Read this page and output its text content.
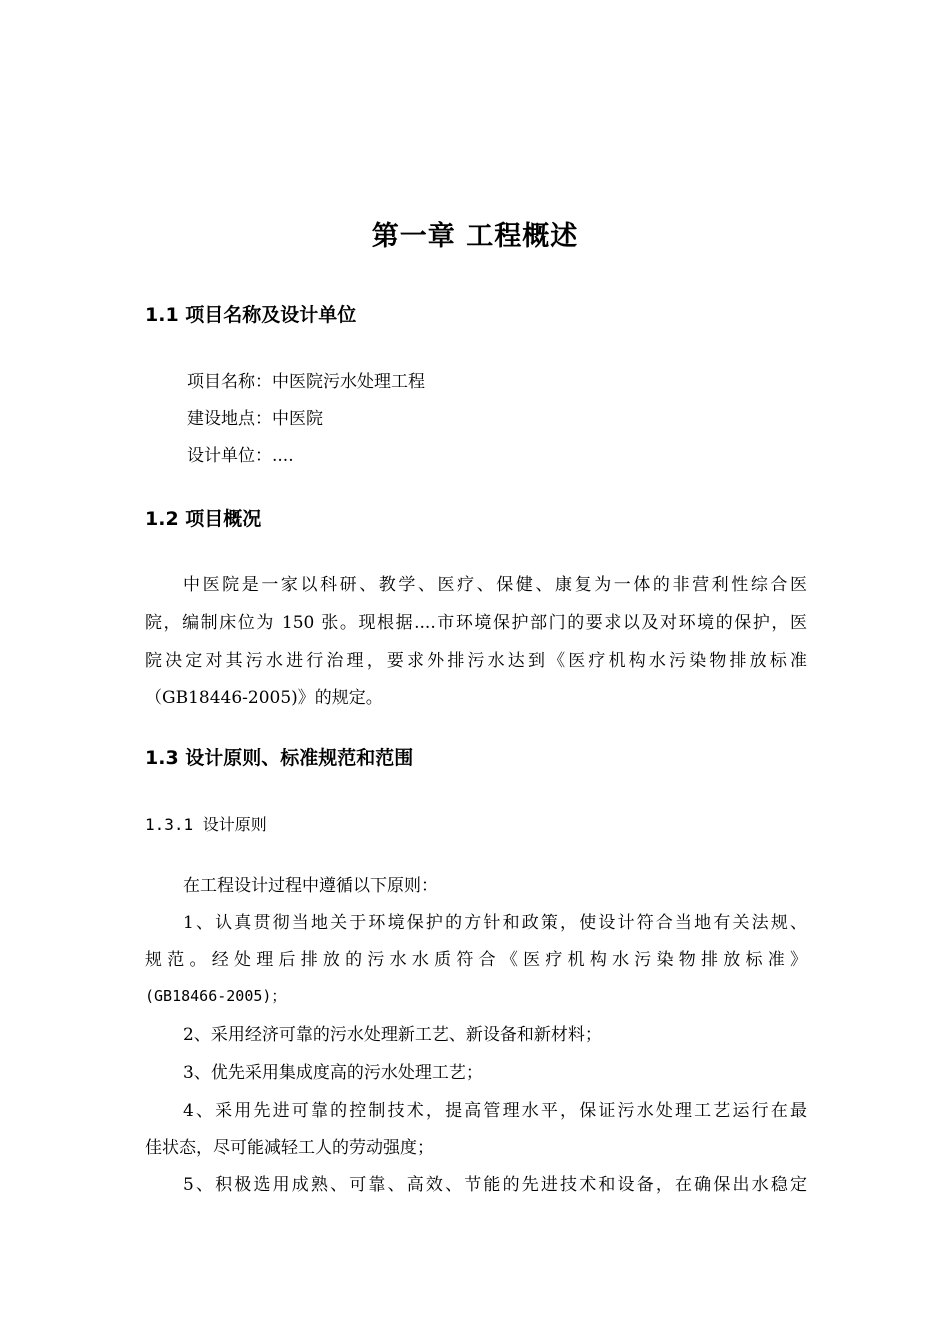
第一章 工程概述
1.1 项目名称及设计单位
项目名称：中医院污水处理工程
建设地点：中医院
设计单位：....
1.2 项目概况
中医院是一家以科研、教学、医疗、保健、康复为一体的非营利性综合医
院，编制床位为 150 张。现根据....市环境保护部门的要求以及对环境的保护，医
院决定对其污水进行治理，要求外排污水达到《医疗机构水污染物排放标准
（GB18446-2005)》的规定。
1.3 设计原则、标准规范和范围
1.3.1 设计原则
在工程设计过程中遵循以下原则：
1、认真贯彻当地关于环境保护的方针和政策，使设计符合当地有关法规、
规范。经处理后排放的污水水质符合《医疗机构水污染物排放标准》
(GB18466-2005)；
2、采用经济可靠的污水处理新工艺、新设备和新材料；
3、优先采用集成度高的污水处理工艺；
4、采用先进可靠的控制技术，提高管理水平，保证污水处理工艺运行在最
佳状态，尽可能减轻工人的劳动强度；
5、积极选用成熟、可靠、高效、节能的先进技术和设备，在确保出水稳定
